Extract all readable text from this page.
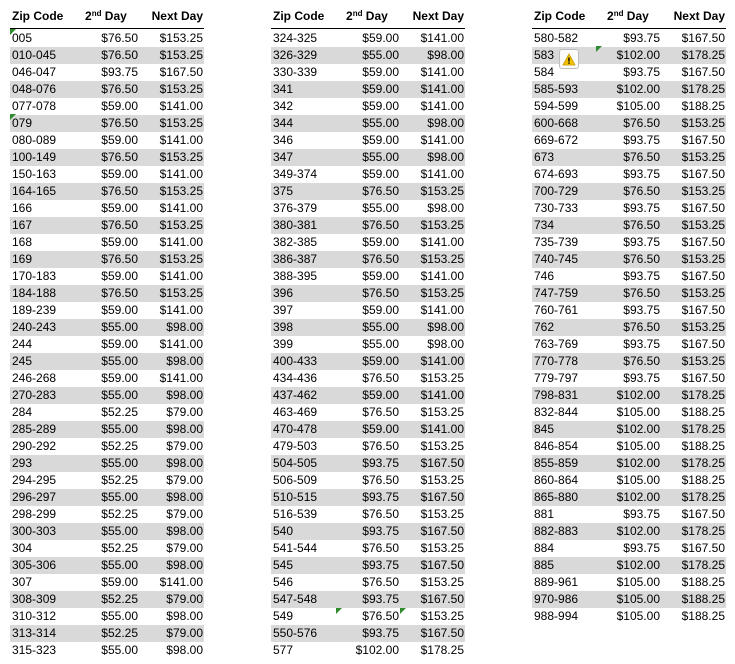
Zip Code 2nd Day Next Day
005	$76.50 $153.25
010-045	$76.50 $153.25
046-047	$93.75 $167.50
048-076	$76.50 $153.25
077-078	$59.00 $141.00
079	$76.50 $153.25
080-089	$59.00 $141.00
100-149	$76.50 $153.25
150-163	$59.00 $141.00
164-165	$76.50 $153.25
166	$59.00 $141.00
167	$76.50 $153.25
168	$59.00 $141.00
169	$76.50 $153.25
170-183	$59.00 $141.00
184-188	$76.50 $153.25
189-239	$59.00 $141.00
240-243	$55.00 $98.00
244	$59.00 $141.00
245	$55.00 $98.00
246-268	$59.00 $141.00
270-283	$55.00 $98.00
284	$52.25 $79.00
285-289	$55.00 $98.00
290-292	$52.25 $79.00
293	$55.00 $98.00
294-295	$52.25 $79.00
296-297	$55.00 $98.00
298-299	$52.25 $79.00
300-303	$55.00 $98.00
304	$52.25 $79.00
305-306	$55.00 $98.00
307	$59.00 $141.00
308-309	$52.25 $79.00
310-312	$55.00 $98.00
313-314	$52.25 $79.00
315-323	$55.00 $98.00
Zip Code 2nd Day Next Day
324-325	$59.00 $141.00
326-329	$55.00 $98.00
330-339	$59.00 $141.00
341	$59.00 $141.00
342	$59.00 $141.00
344	$55.00 $98.00
346	$59.00 $141.00
347	$55.00 $98.00
349-374	$59.00 $141.00
375	$76.50 $153.25
376-379	$55.00 $98.00
380-381	$76.50 $153.25
382-385	$59.00 $141.00
386-387	$76.50 $153.25
388-395	$59.00 $141.00
396	$76.50 $153.25
397	$59.00 $141.00
398	$55.00 $98.00
399	$55.00 $98.00
400-433	$59.00 $141.00
434-436	$76.50 $153.25
437-462	$59.00 $141.00
463-469	$76.50 $153.25
470-478	$59.00 $141.00
479-503	$76.50 $153.25
504-505	$93.75 $167.50
506-509	$76.50 $153.25
510-515	$93.75 $167.50
516-539	$76.50 $153.25
540	$93.75 $167.50
541-544	$76.50 $153.25
545	$93.75 $167.50
546	$76.50 $153.25
547-548	$93.75 $167.50
549	$76.50 $153.25
550-576	$93.75 $167.50
577	$102.00 $178.25
Zip Code 2nd Day Next Day
580-582	$93.75 $167.50
583	$102.00 $178.25
584	$93.75 $167.50
585-593	$102.00 $178.25
594-599	$105.00 $188.25
600-668	$76.50 $153.25
669-672	$93.75 $167.50
673	$76.50 $153.25
674-693	$93.75 $167.50
700-729	$76.50 $153.25
730-733	$93.75 $167.50
734	$76.50 $153.25
735-739	$93.75 $167.50
740-745	$76.50 $153.25
746	$93.75 $167.50
747-759	$76.50 $153.25
760-761	$93.75 $167.50
762	$76.50 $153.25
763-769	$93.75 $167.50
770-778	$76.50 $153.25
779-797	$93.75 $167.50
798-831	$102.00 $178.25
832-844	$105.00 $188.25
845	$102.00 $178.25
846-854	$105.00 $188.25
855-859	$102.00 $178.25
860-864	$105.00 $188.25
865-880	$102.00 $178.25
881	$93.75 $167.50
882-883	$102.00 $178.25
884	$93.75 $167.50
885	$102.00 $178.25
889-961	$105.00 $188.25
970-986	$105.00 $188.25
988-994	$105.00 $188.25
